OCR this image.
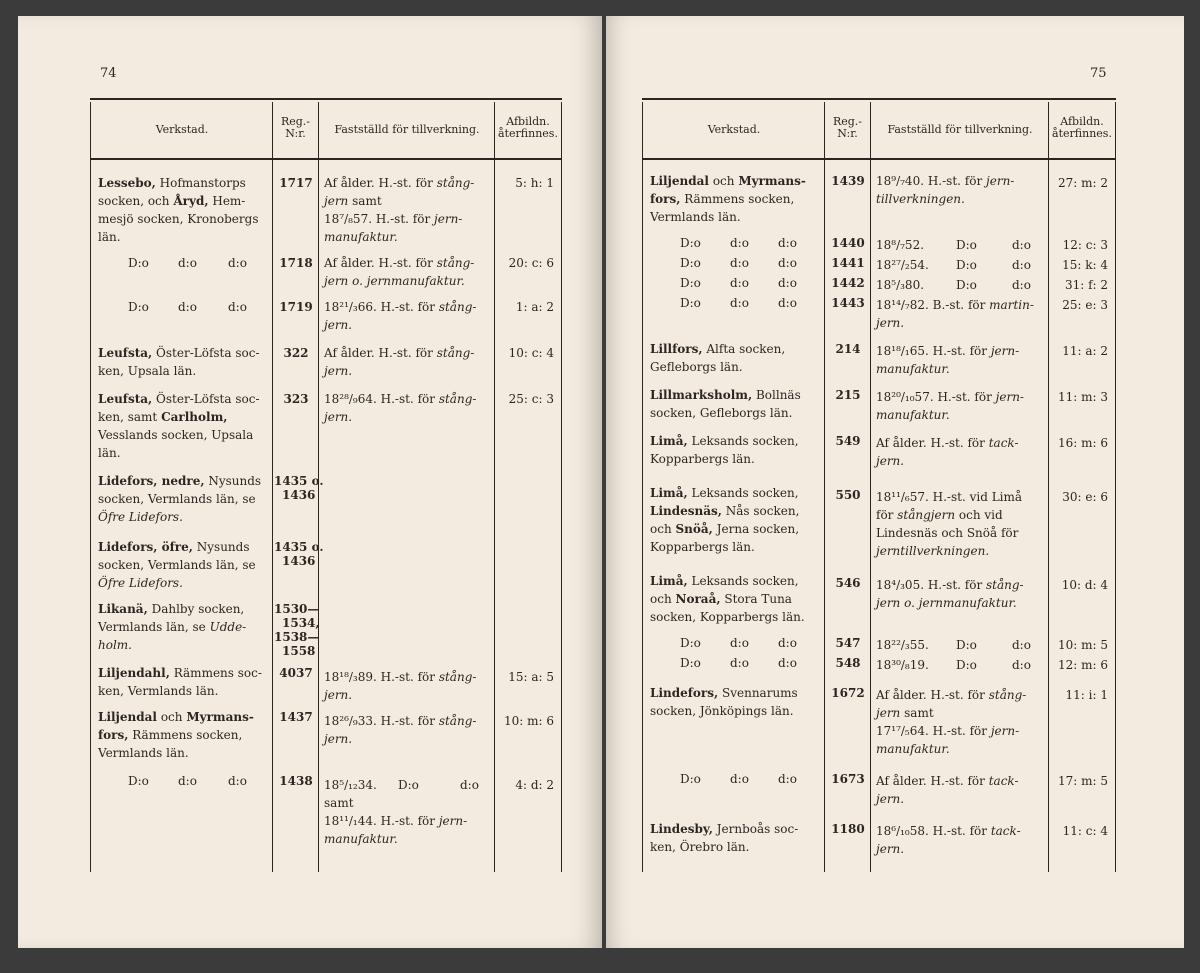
74
Verkstad.
Reg.-
N:r.	Fastställd för tillverkning.
Afbildn.
återfinnes.
Lessebo, Hofmanstorps
socken, och Åryd, Hem-
mesjö socken, Kronobergs
län.
1717 Af ålder. H.-st. för stång-
jern samt
18⁷/₈57. H.-st. för jern-
manufaktur.
5: h: 1
D:o d:o	d:o	1718 Af ålder. H.-st. för stång-
jern o. jernmanufaktur.
20: c: 6
D:o d:o	d:o	1719 18²¹/₃66. H.-st. för stång-
jern.
1: a: 2
Leufsta, Öster-Löfsta soc-
ken, Upsala län.
322	Af ålder. H.-st. för stång-
jern.
10: c: 4
Leufsta, Öster-Löfsta soc-
ken, samt Carlholm,
Vesslands socken, Upsala
län.
323	18²⁸/₉64. H.-st. för stång-
jern.
25: c: 3
Lidefors, nedre, Nysunds
socken, Vermlands län, se
Öfre Lidefors.
1435 o.
1436
Lidefors, öfre, Nysunds
socken, Vermlands län, se
Öfre Lidefors.
1435 o.
1436
Likanä, Dahlby socken,
Vermlands län, se Udde-
holm.
1530—
1534,
1538—
1558
Liljendahl, Rämmens soc-
ken, Vermlands län.
4037 18¹⁸/₃89. H.-st. för stång-
jern.
15: a: 5
Liljendal och Myrmans-
fors, Rämmens socken,
Vermlands län.
1437 18²⁶/₉33. H.-st. för stång-
jern.
10: m: 6
D:o d:o	d:o	1438 18⁵/₁₂34. D:o	d:o
samt
18¹¹/₁44. H.-st. för jern-
manufaktur.
4: d: 2
75
Verkstad.
Reg.-
N:r.	Fastställd för tillverkning.
Afbildn.
återfinnes.
Liljendal och Myrmans-
fors, Rämmens socken,
Vermlands län.
1439 18⁹/₇40. H.-st. för jern-
tillverkningen.
27: m: 2
D:o d:o d:o	1440 18⁸/₇52.	D:o	d:o	12: c: 3
D:o d:o d:o	1441 18²⁷/₂54. D:o	d:o	15: k: 4
D:o d:o d:o	1442 18⁵/₃80.	D:o	d:o	31: f: 2
D:o d:o d:o	1443 18¹⁴/₇82. B.-st. för martin-
jern.
25: e: 3
Lillfors, Alfta socken,
Gefleborgs län.
214	18¹⁸/₁65. H.-st. för jern-
manufaktur.
11: a: 2
Lillmarksholm, Bollnäs
socken, Gefleborgs län.
215	18²⁰/₁₀57. H.-st. för jern-
manufaktur.
11: m: 3
Limå, Leksands socken,
Kopparbergs län.
549	Af ålder. H.-st. för tack-
jern.
16: m: 6
Limå, Leksands socken,
Lindesnäs, Nås socken,
och Snöå, Jerna socken,
Kopparbergs län.
550	18¹¹/₆57. H.-st. vid Limå
för stångjern och vid
Lindesnäs och Snöå för
jerntillverkningen.
30: e: 6
Limå, Leksands socken,
och Noraå, Stora Tuna
socken, Kopparbergs län.
546	18⁴/₃05. H.-st. för stång-
jern o. jernmanufaktur.
10: d: 4
D:o d:o d:o	547	18²²/₃55. D:o	d:o	10: m: 5
D:o d:o d:o	548	18³⁰/₈19. D:o	d:o	12: m: 6
Lindefors, Svennarums
socken, Jönköpings län.
1672 Af ålder. H.-st. för stång-
jern samt
17¹⁷/₅64. H.-st. för jern-
manufaktur.
11: i: 1
D:o d:o d:o	1673 Af ålder. H.-st. för tack-
jern.
17: m: 5
Lindesby, Jernboås soc-
ken, Örebro län.
1180 18⁶/₁₀58. H.-st. för tack-
jern.
11: c: 4
